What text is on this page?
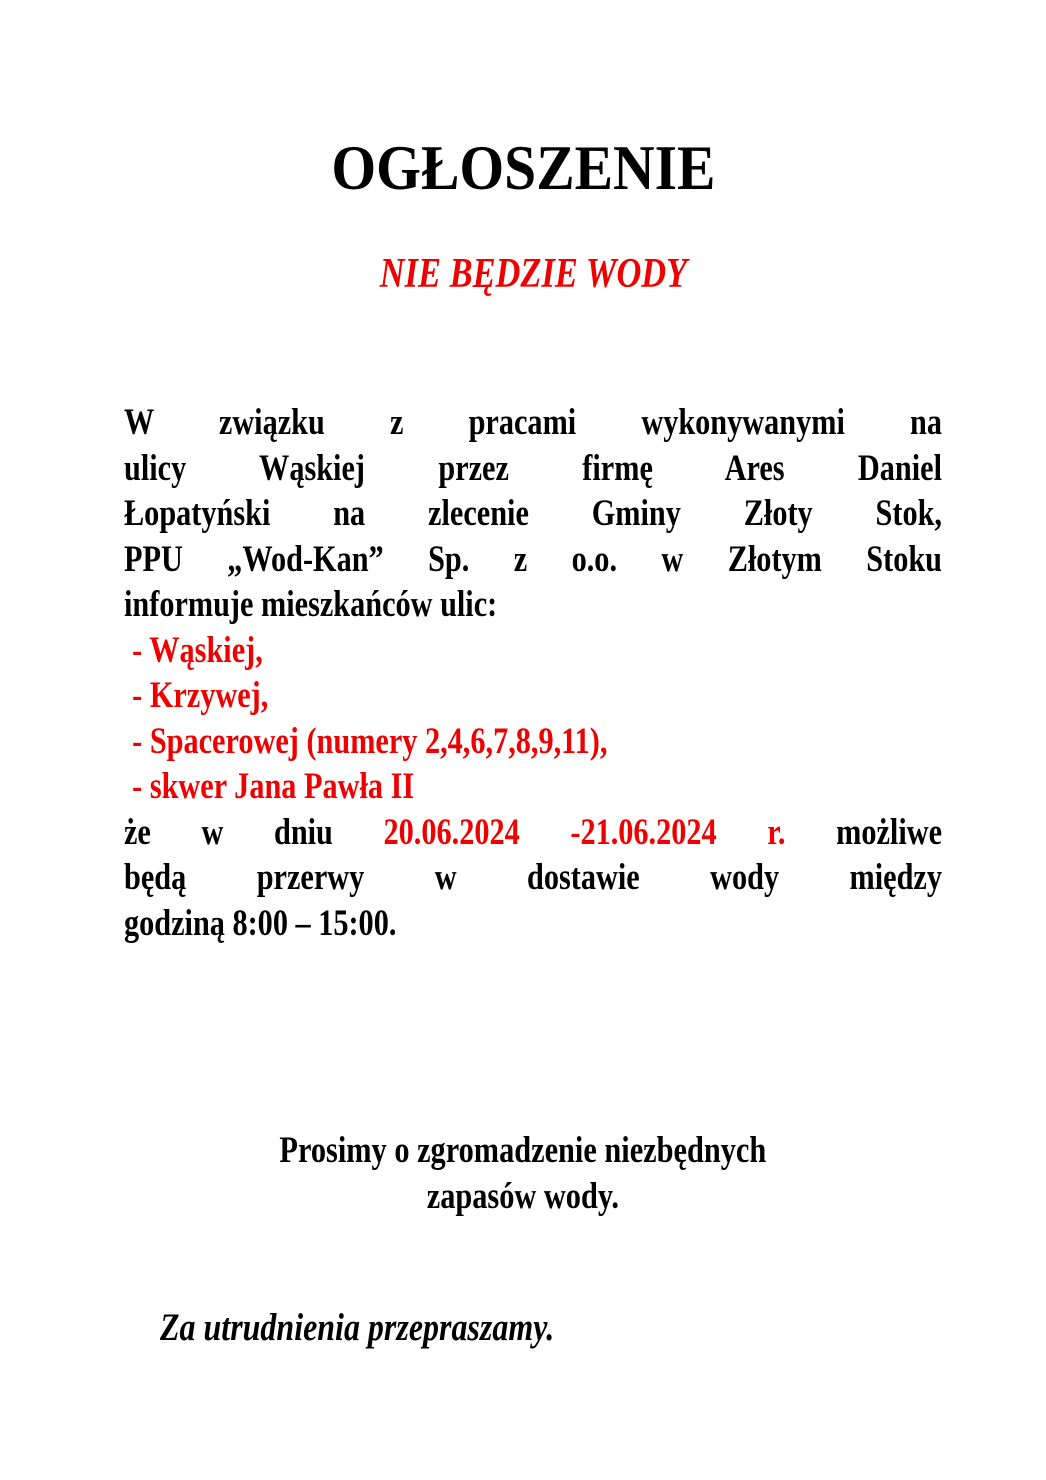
OGŁOSZENIE
NIE BĘDZIE WODY
W związku z pracami wykonywanymi na
ulicy Wąskiej przez firmę Ares Daniel
Łopatyński na zlecenie Gminy Złoty Stok,
PPU „Wod-Kan” Sp. z o.o. w Złotym Stoku
informuje mieszkańców ulic:
- Wąskiej,
- Krzywej,
- Spacerowej (numery 2,4,6,7,8,9,11),
- skwer Jana Pawła II
że w dniu 20.06.2024 -21.06.2024 r. możliwe
będą przerwy w dostawie wody między
godziną 8:00 – 15:00.
Prosimy o zgromadzenie niezbędnych
zapasów wody.
Za utrudnienia przepraszamy.
